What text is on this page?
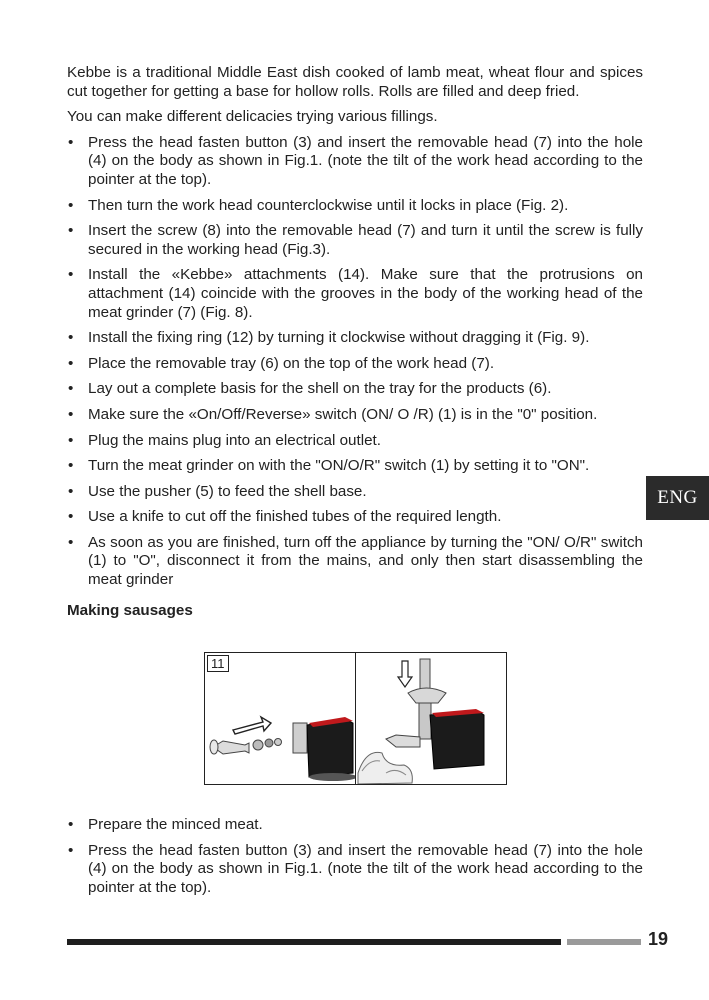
Kebbe is a traditional Middle East dish cooked of lamb meat, wheat flour and spices cut together for getting a base for hollow rolls. Rolls are filled and deep fried.

You can make different delicacies trying various fillings.

• Press the head fasten button (3) and insert the removable head (7) into the hole (4) on the body as shown in Fig.1. (note the tilt of the work head according to the pointer at the top).
• Then turn the work head counterclockwise until it locks in place (Fig. 2).
• Insert the screw (8) into the removable head (7) and turn it until the screw is fully secured in the working head (Fig.3).
• Install the «Kebbe» attachments (14). Make sure that the protrusions on attachment (14) coincide with the grooves in the body of the working head of the meat grinder (7) (Fig. 8).
• Install the fixing ring (12) by turning it clockwise without dragging it (Fig. 9).
• Place the removable tray (6) on the top of the work head (7).
• Lay out a complete basis for the shell on the tray for the products (6).
• Make sure the «On/Off/Reverse» switch (ON/ O /R) (1) is in the "0" position.
• Plug the mains plug into an electrical outlet.
• Turn the meat grinder on with the "ON/O/R" switch (1) by setting it to "ON".
• Use the pusher (5) to feed the shell base.
• Use a knife to cut off the finished tubes of the required length.
• As soon as you are finished, turn off the appliance by turning the "ON/ O/R" switch (1) to "O", disconnect it from the mains, and only then start disassembling the meat grinder
Making sausages
11
• Prepare the minced meat.
• Press the head fasten button (3) and insert the removable head (7) into the hole (4) on the body as shown in Fig.1. (note the tilt of the work head according to the pointer at the top).
ENG
19
